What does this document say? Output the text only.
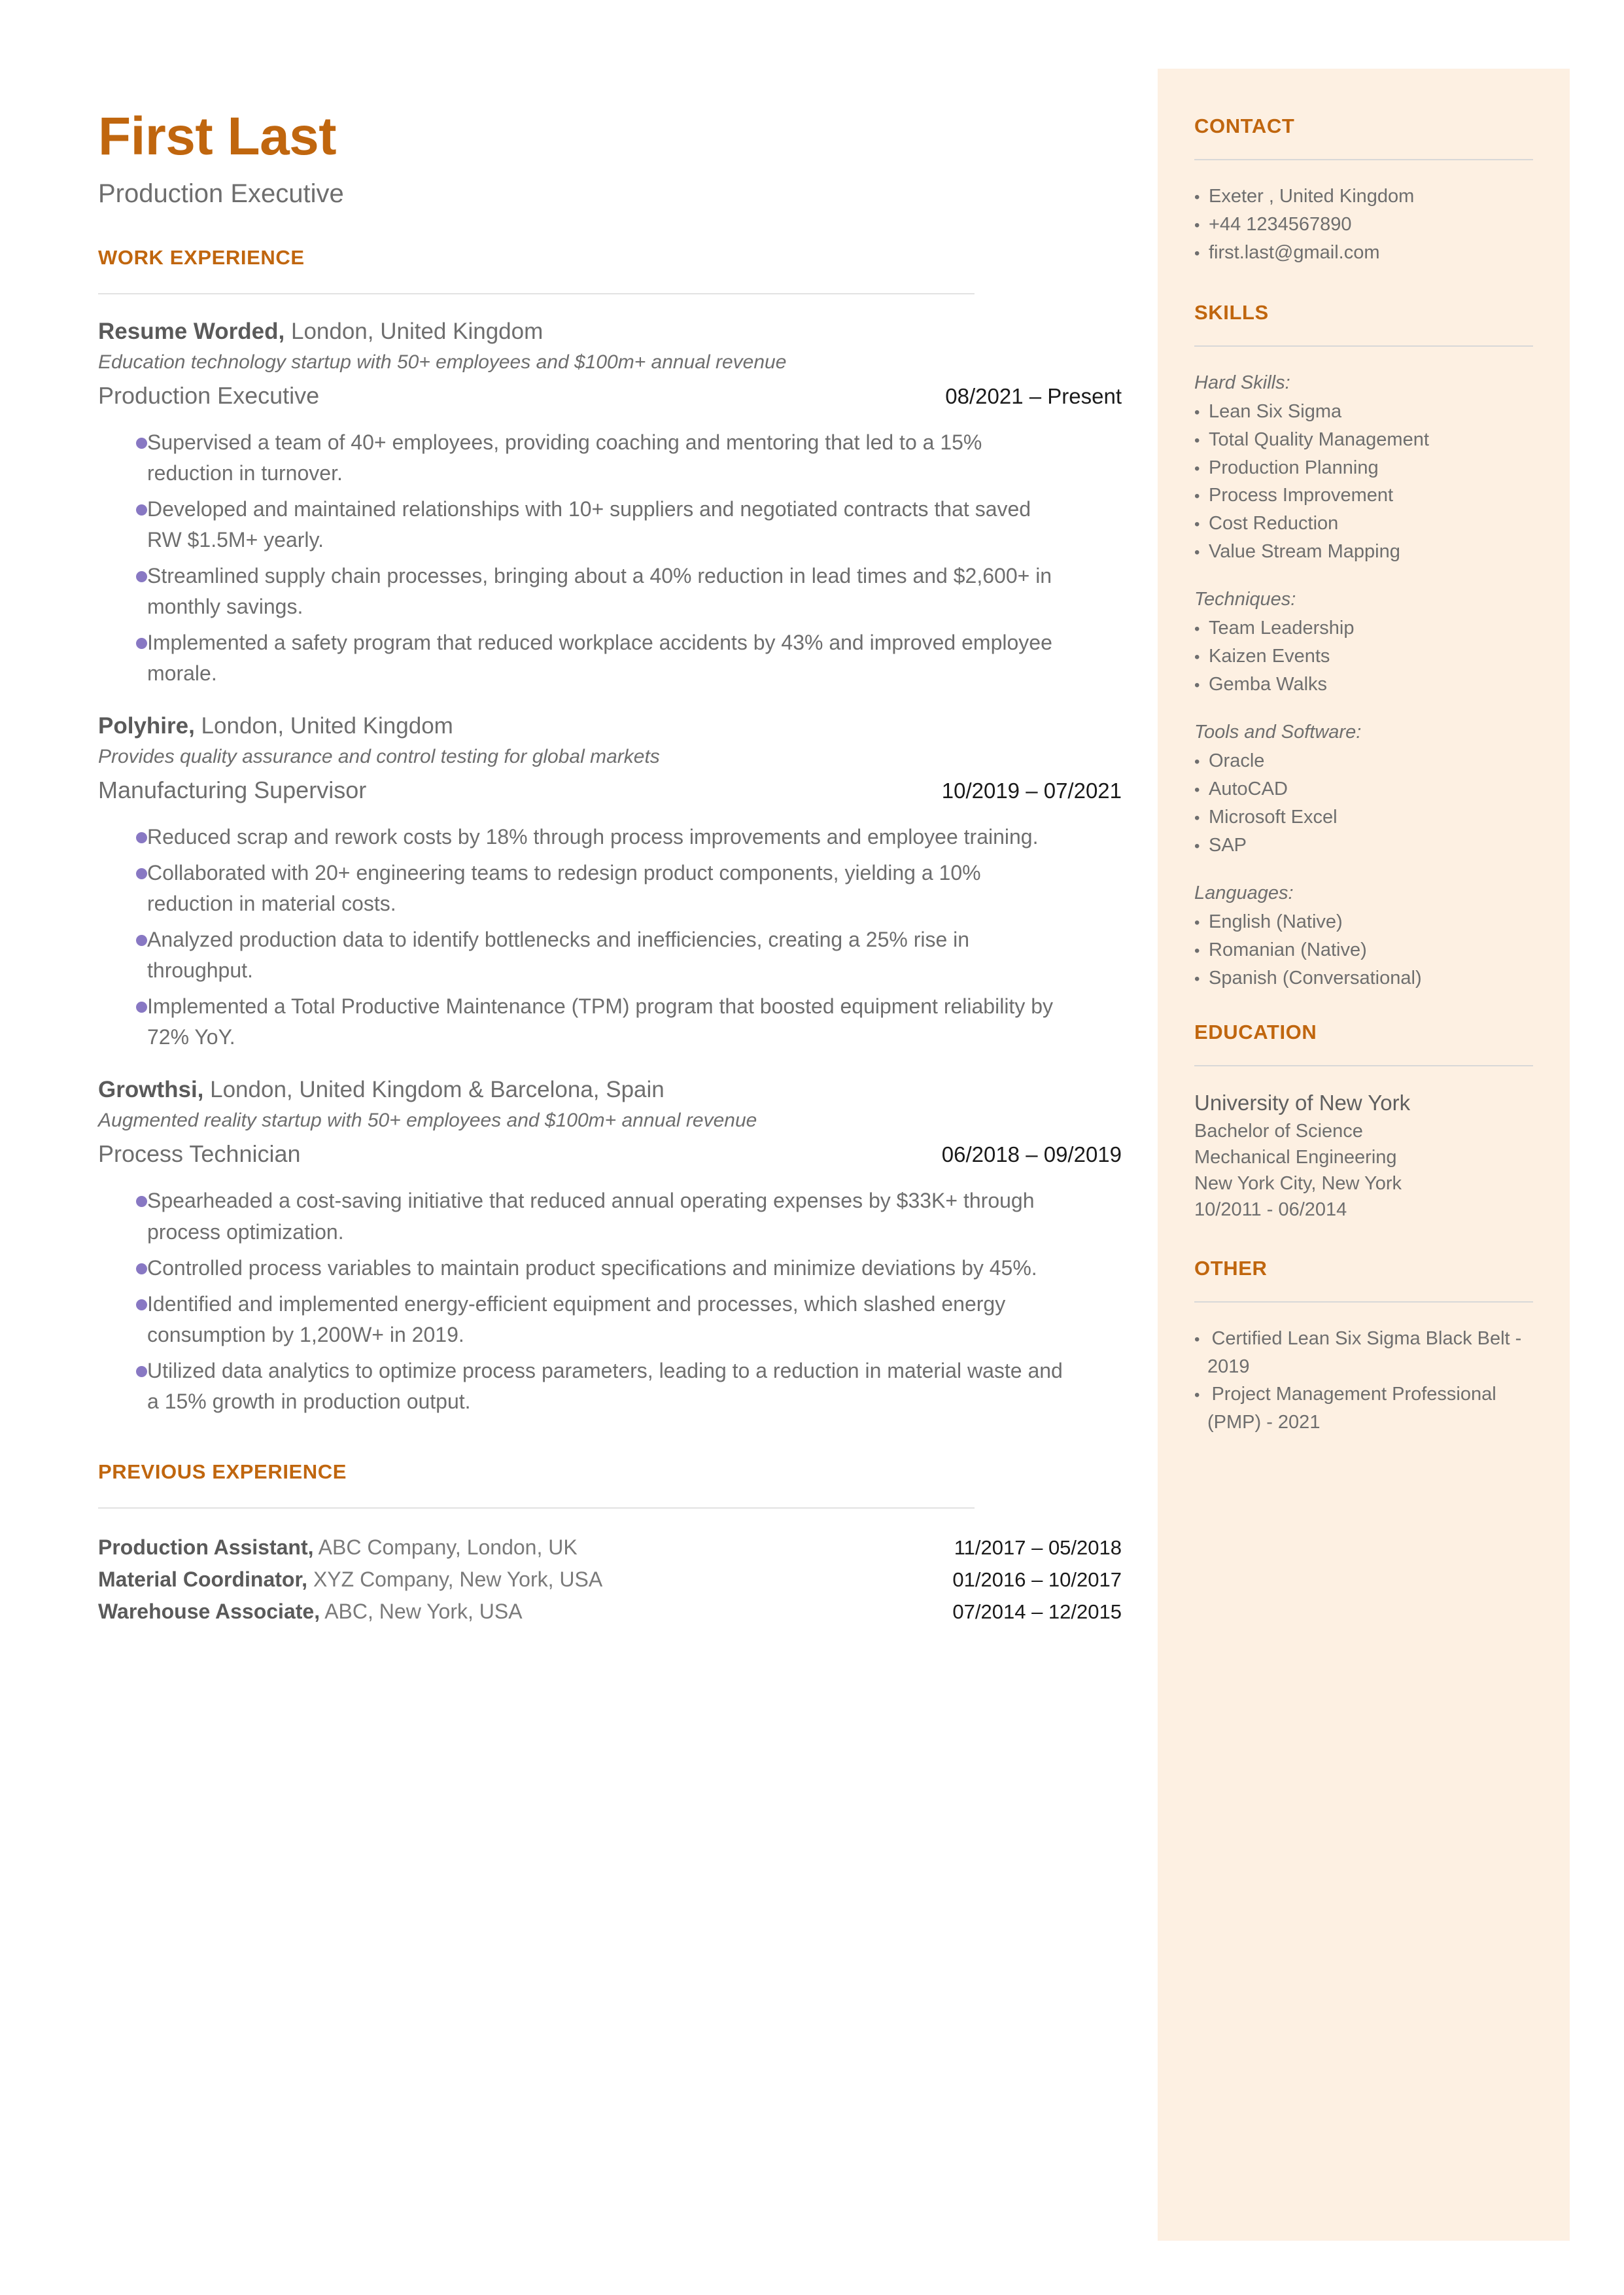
First Last
Production Executive
WORK EXPERIENCE
Resume Worded, London, United Kingdom
Education technology startup with 50+ employees and $100m+ annual revenue
Production Executive	08/2021 – Present
Supervised a team of 40+ employees, providing coaching and mentoring that led to a 15% reduction in turnover.
Developed and maintained relationships with 10+ suppliers and negotiated contracts that saved RW $1.5M+ yearly.
Streamlined supply chain processes, bringing about a 40% reduction in lead times and $2,600+ in monthly savings.
Implemented a safety program that reduced workplace accidents by 43% and improved employee morale.
Polyhire, London, United Kingdom
Provides quality assurance and control testing for global markets
Manufacturing Supervisor	10/2019 – 07/2021
Reduced scrap and rework costs by 18% through process improvements and employee training.
Collaborated with 20+ engineering teams to redesign product components, yielding a 10% reduction in material costs.
Analyzed production data to identify bottlenecks and inefficiencies, creating a 25% rise in throughput.
Implemented a Total Productive Maintenance (TPM) program that boosted equipment reliability by 72% YoY.
Growthsi, London, United Kingdom & Barcelona, Spain
Augmented reality startup with 50+ employees and $100m+ annual revenue
Process Technician	06/2018 – 09/2019
Spearheaded a cost-saving initiative that reduced annual operating expenses by $33K+ through process optimization.
Controlled process variables to maintain product specifications and minimize deviations by 45%.
Identified and implemented energy-efficient equipment and processes, which slashed energy consumption by 1,200W+ in 2019.
Utilized data analytics to optimize process parameters, leading to a reduction in material waste and a 15% growth in production output.
PREVIOUS EXPERIENCE
Production Assistant, ABC Company, London, UK	11/2017 – 05/2018
Material Coordinator, XYZ Company, New York, USA	01/2016 – 10/2017
Warehouse Associate, ABC, New York, USA	07/2014 – 12/2015
CONTACT
• Exeter , United Kingdom
• +44 1234567890
• first.last@gmail.com
SKILLS
Hard Skills:
• Lean Six Sigma
• Total Quality Management
• Production Planning
• Process Improvement
• Cost Reduction
• Value Stream Mapping
Techniques:
• Team Leadership
• Kaizen Events
• Gemba Walks
Tools and Software:
• Oracle
• AutoCAD
• Microsoft Excel
• SAP
Languages:
• English (Native)
• Romanian (Native)
• Spanish (Conversational)
EDUCATION
University of New York
Bachelor of Science
Mechanical Engineering
New York City, New York
10/2011 - 06/2014
OTHER
• Certified Lean Six Sigma Black Belt - 2019
• Project Management Professional (PMP) - 2021
